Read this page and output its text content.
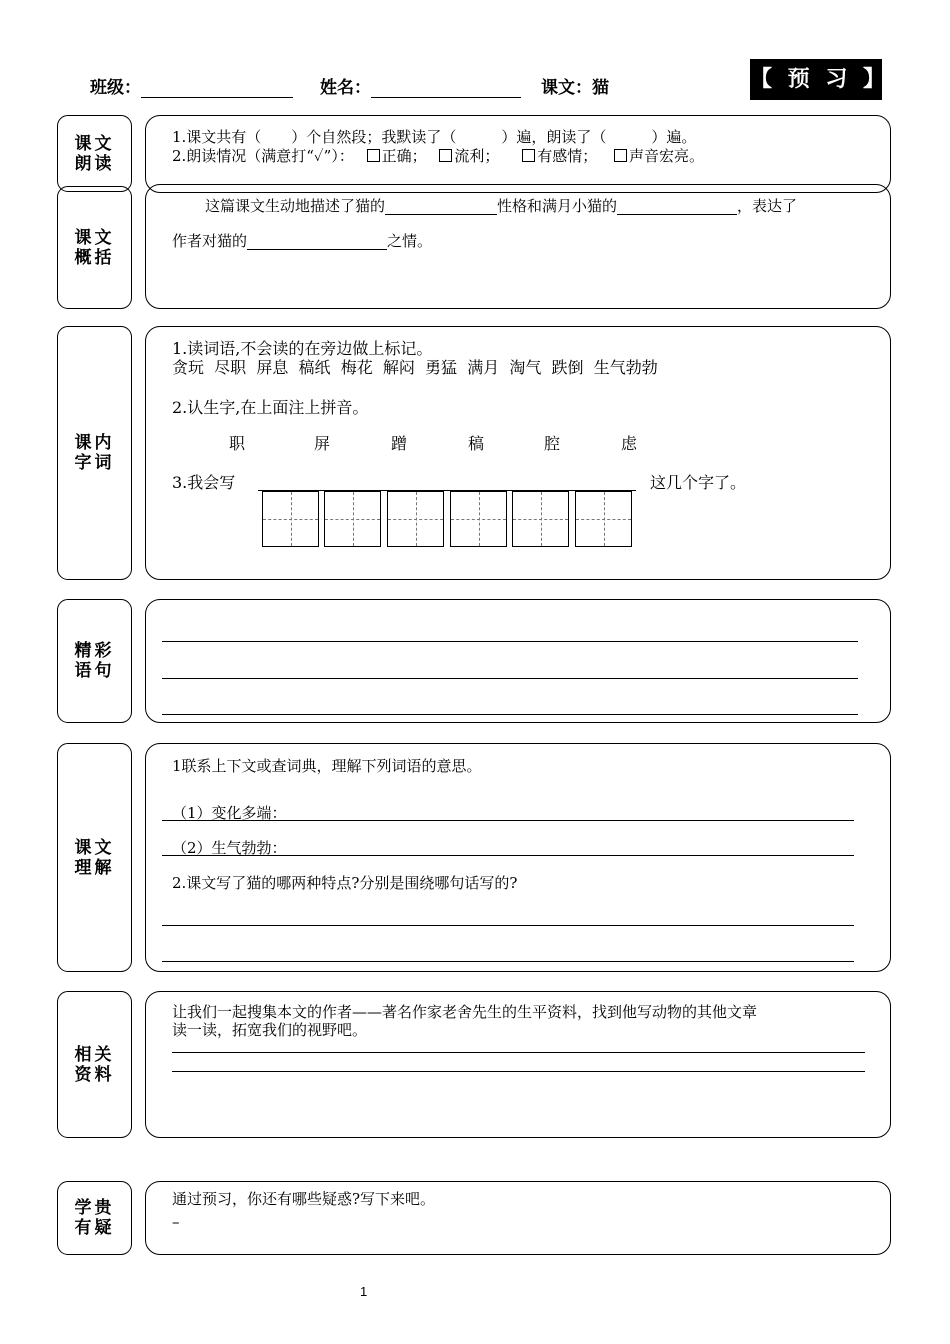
班级：	姓名：	课文：猫	【 预 习 】
课文朗读
1.课文共有（　　）个自然段；我默读了（　　　）遍，朗读了（　　　）遍。
2.朗读情况（满意打“✓”）： 正确； 流利；	有感情； 声音宏亮。
课文概括
这篇课文生动地描述了猫的	性格和满月小猫的	，表达了
作者对猫的	之情。
课内字词
1.读词语,不会读的在旁边做上标记。
贪玩  尽职  屏息  稿纸  梅花  解闷  勇猛  满月  淘气  跌倒  生气勃勃
2.认生字,在上面注上拼音。
职	屏	蹭	稿	腔	虑
3.我会写	这几个字了。
精彩语句
课文理解
1联系上下文或查词典，理解下列词语的意思。
（1）变化多端：
（2）生气勃勃：
2.课文写了猫的哪两种特点?分别是围绕哪句话写的?
相关资料
让我们一起搜集本文的作者——著名作家老舍先生的生平资料，找到他写动物的其他文章
读一读，拓宽我们的视野吧。
学贵有疑
通过预习，你还有哪些疑惑?写下来吧。
–
1
